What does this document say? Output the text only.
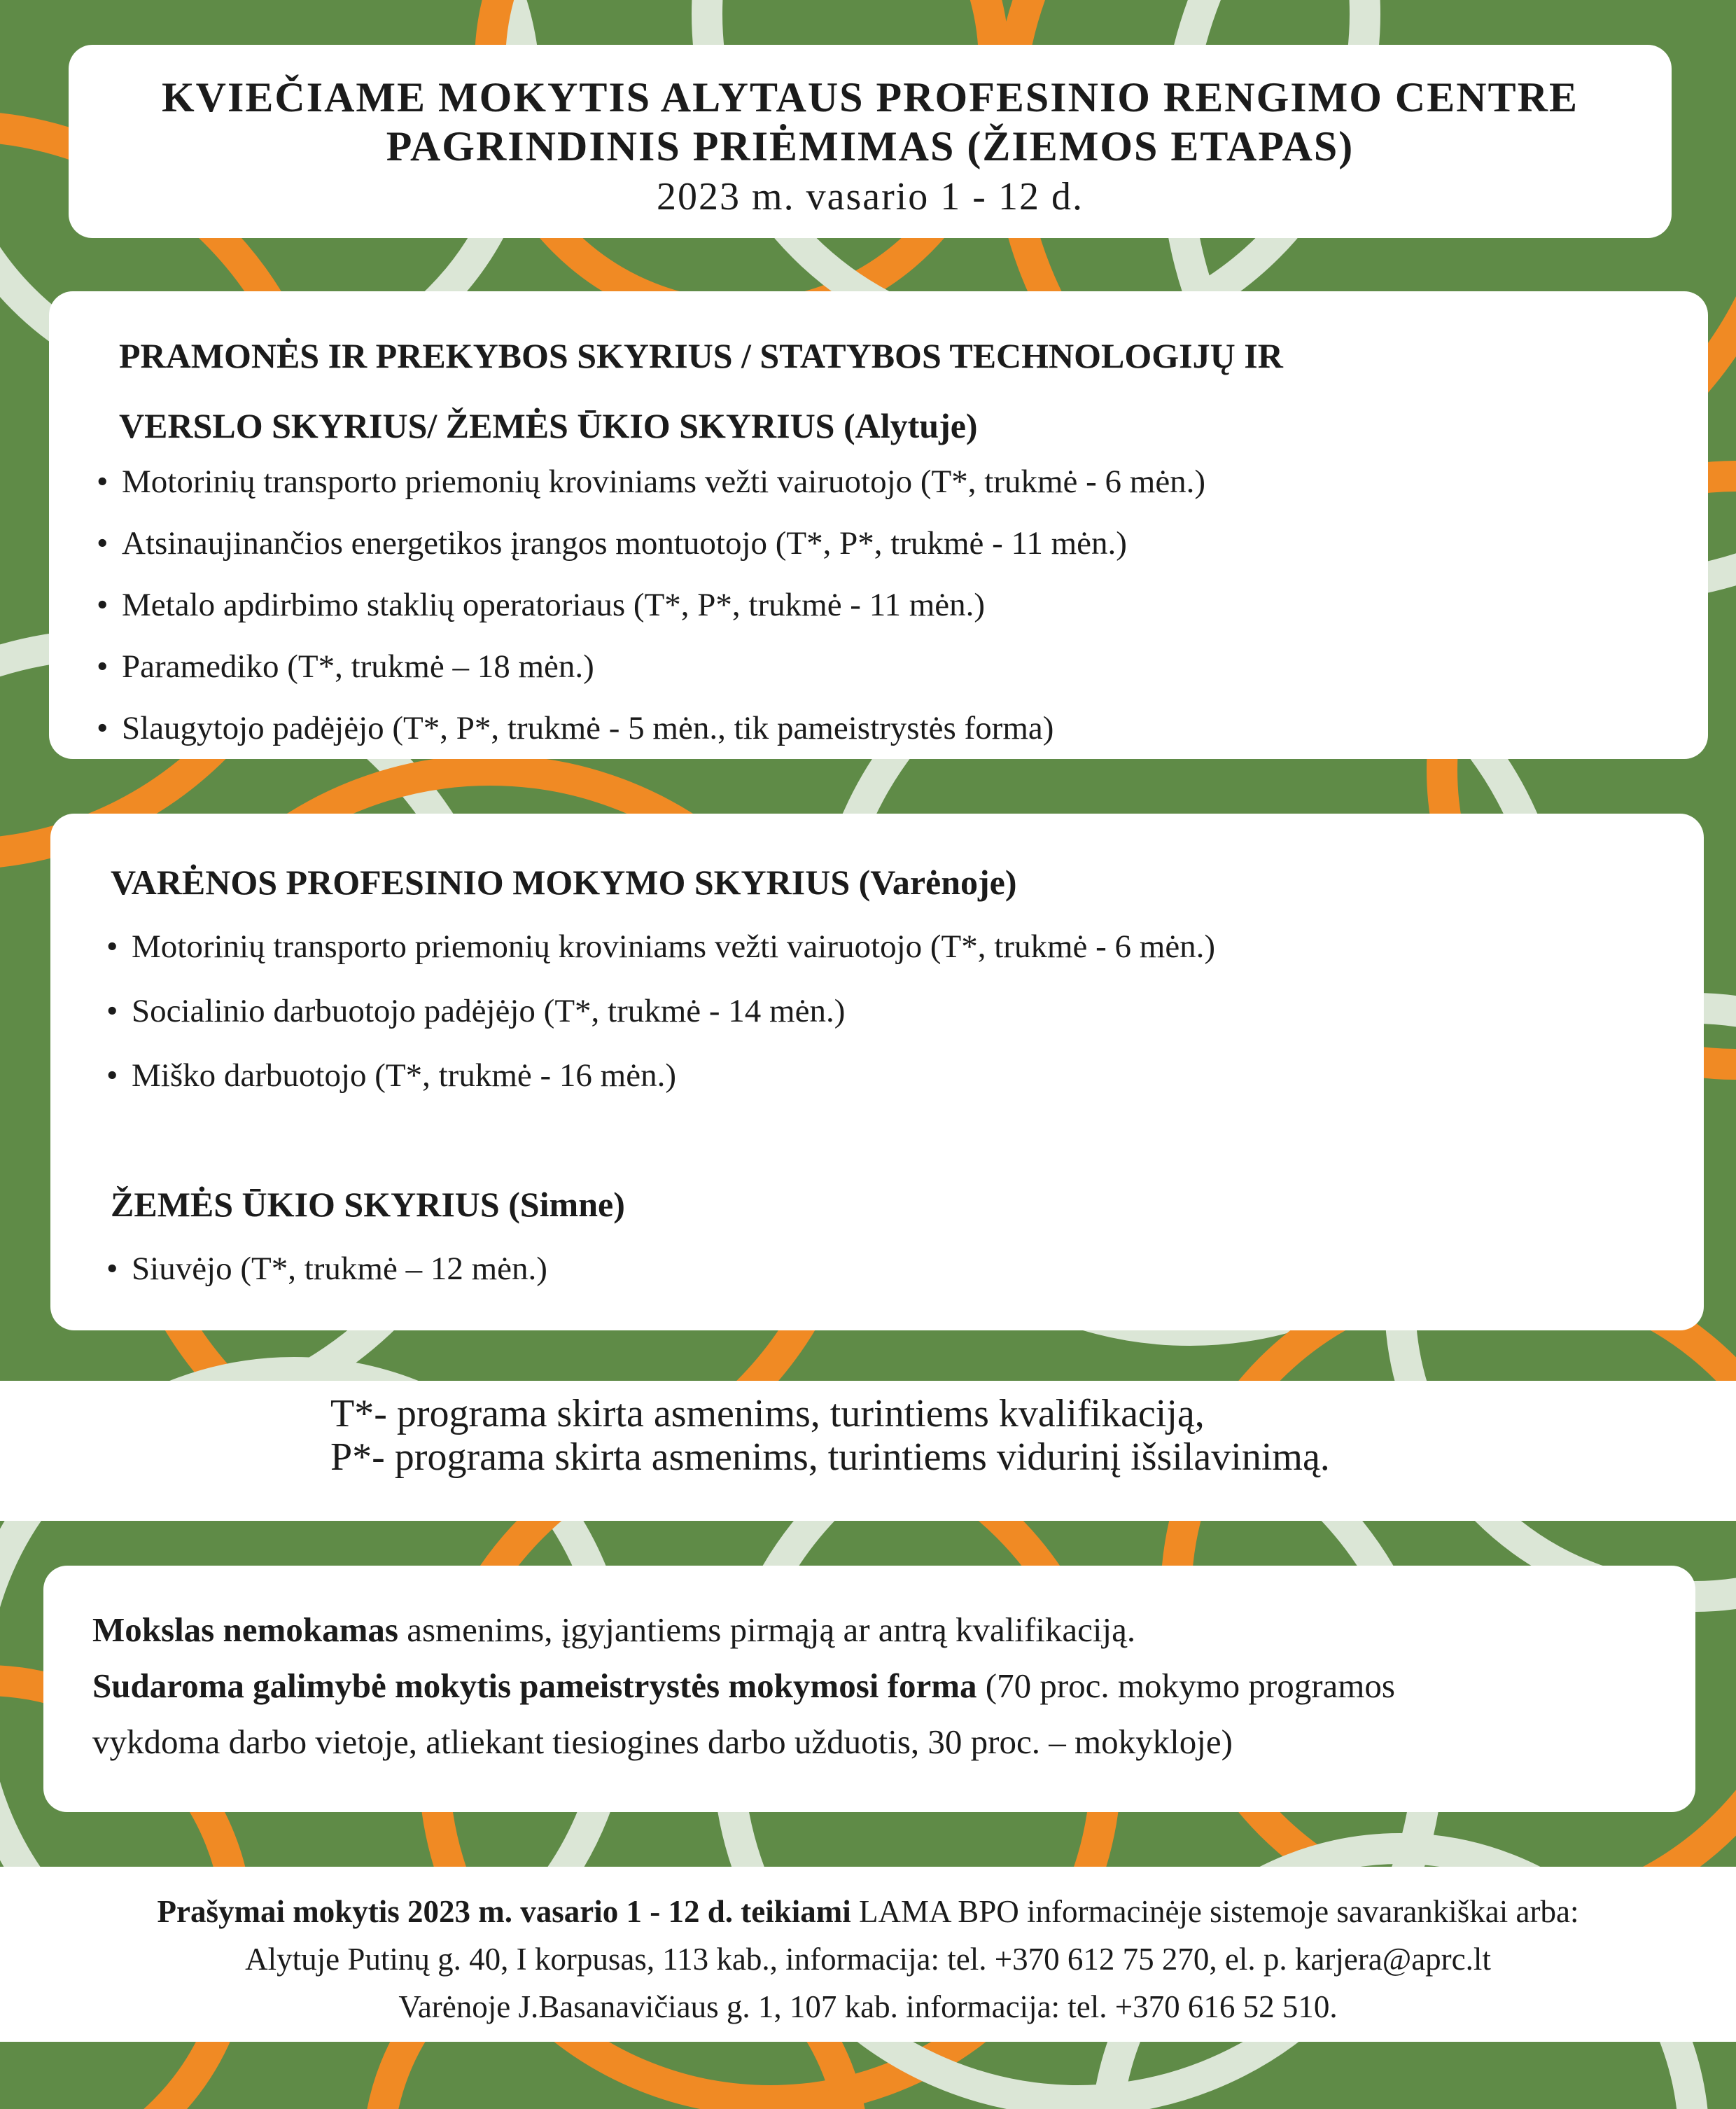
KVIEČIAME MOKYTIS ALYTAUS PROFESINIO RENGIMO CENTRE
PAGRINDINIS PRIĖMIMAS (ŽIEMOS ETAPAS)
2023 m. vasario 1 - 12 d.
PRAMONĖS IR PREKYBOS SKYRIUS / STATYBOS TECHNOLOGIJŲ IR
VERSLO SKYRIUS/ ŽEMĖS ŪKIO SKYRIUS (Alytuje)
• Motorinių transporto priemonių kroviniams vežti vairuotojo (T*, trukmė - 6 mėn.)
• Atsinaujinančios energetikos įrangos montuotojo (T*, P*, trukmė - 11 mėn.)
• Metalo apdirbimo staklių operatoriaus (T*, P*, trukmė - 11 mėn.)
• Paramediko (T*, trukmė – 18 mėn.)
• Slaugytojo padėjėjo (T*, P*, trukmė - 5 mėn., tik pameistrystės forma)
VARĖNOS PROFESINIO MOKYMO SKYRIUS (Varėnoje)
• Motorinių transporto priemonių kroviniams vežti vairuotojo (T*, trukmė - 6 mėn.)
• Socialinio darbuotojo padėjėjo (T*, trukmė - 14 mėn.)
• Miško darbuotojo (T*, trukmė - 16 mėn.)
ŽEMĖS ŪKIO SKYRIUS (Simne)
• Siuvėjo (T*, trukmė – 12 mėn.)
T*- programa skirta asmenims, turintiems kvalifikaciją,
P*- programa skirta asmenims, turintiems vidurinį išsilavinimą.
Mokslas nemokamas asmenims, įgyjantiems pirmąją ar antrą kvalifikaciją.
Sudaroma galimybė mokytis pameistrystės mokymosi forma (70 proc. mokymo programos
vykdoma darbo vietoje, atliekant tiesiogines darbo užduotis, 30 proc. – mokykloje)
Prašymai mokytis 2023 m. vasario 1 - 12 d. teikiami LAMA BPO informacinėje sistemoje savarankiškai arba:
Alytuje Putinų g. 40, I korpusas, 113 kab., informacija: tel. +370 612 75 270, el. p. karjera@aprc.lt
Varėnoje J.Basanavičiaus g. 1, 107 kab. informacija: tel. +370 616 52 510.
